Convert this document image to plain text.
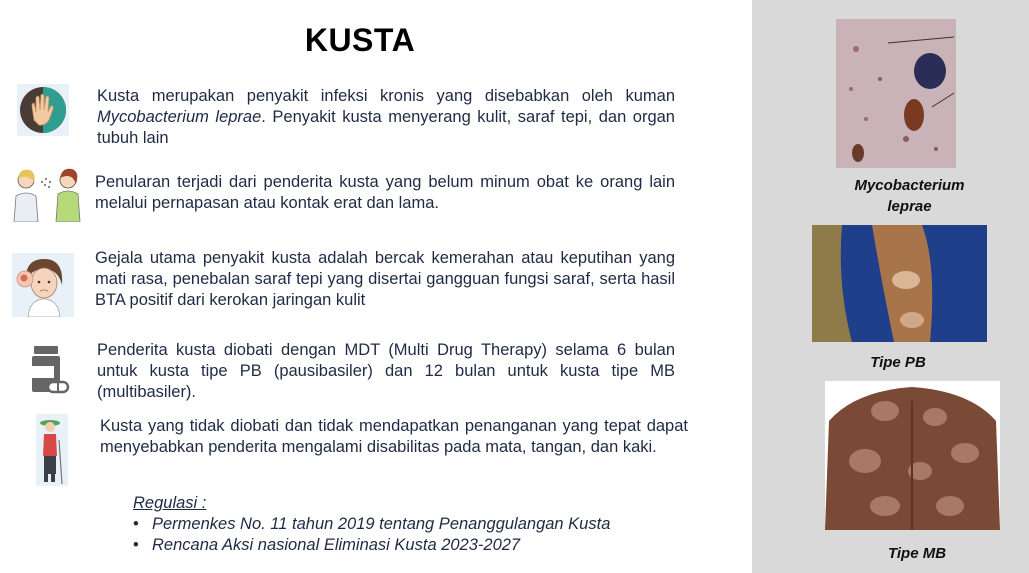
KUSTA
Kusta merupakan penyakit infeksi kronis yang disebabkan oleh kuman Mycobacterium leprae. Penyakit kusta menyerang kulit, saraf tepi, dan organ tubuh lain
Penularan terjadi dari penderita kusta yang belum minum obat ke orang lain melalui pernapasan atau kontak erat dan lama.
Gejala utama penyakit kusta adalah bercak kemerahan atau keputihan yang mati rasa, penebalan saraf tepi yang disertai gangguan fungsi saraf, serta hasil BTA positif dari kerokan jaringan kulit
Penderita kusta diobati dengan MDT (Multi Drug Therapy) selama 6 bulan untuk kusta tipe PB (pausibasiler) dan 12 bulan untuk kusta tipe MB (multibasiler).
Kusta yang tidak diobati dan tidak mendapatkan penanganan yang tepat dapat menyebabkan penderita mengalami disabilitas pada mata, tangan, dan kaki.
Regulasi :
• Permenkes No. 11 tahun 2019 tentang Penanggulangan Kusta
• Rencana Aksi nasional Eliminasi Kusta 2023-2027
Mycobacterium
leprae
Tipe PB
Tipe MB
